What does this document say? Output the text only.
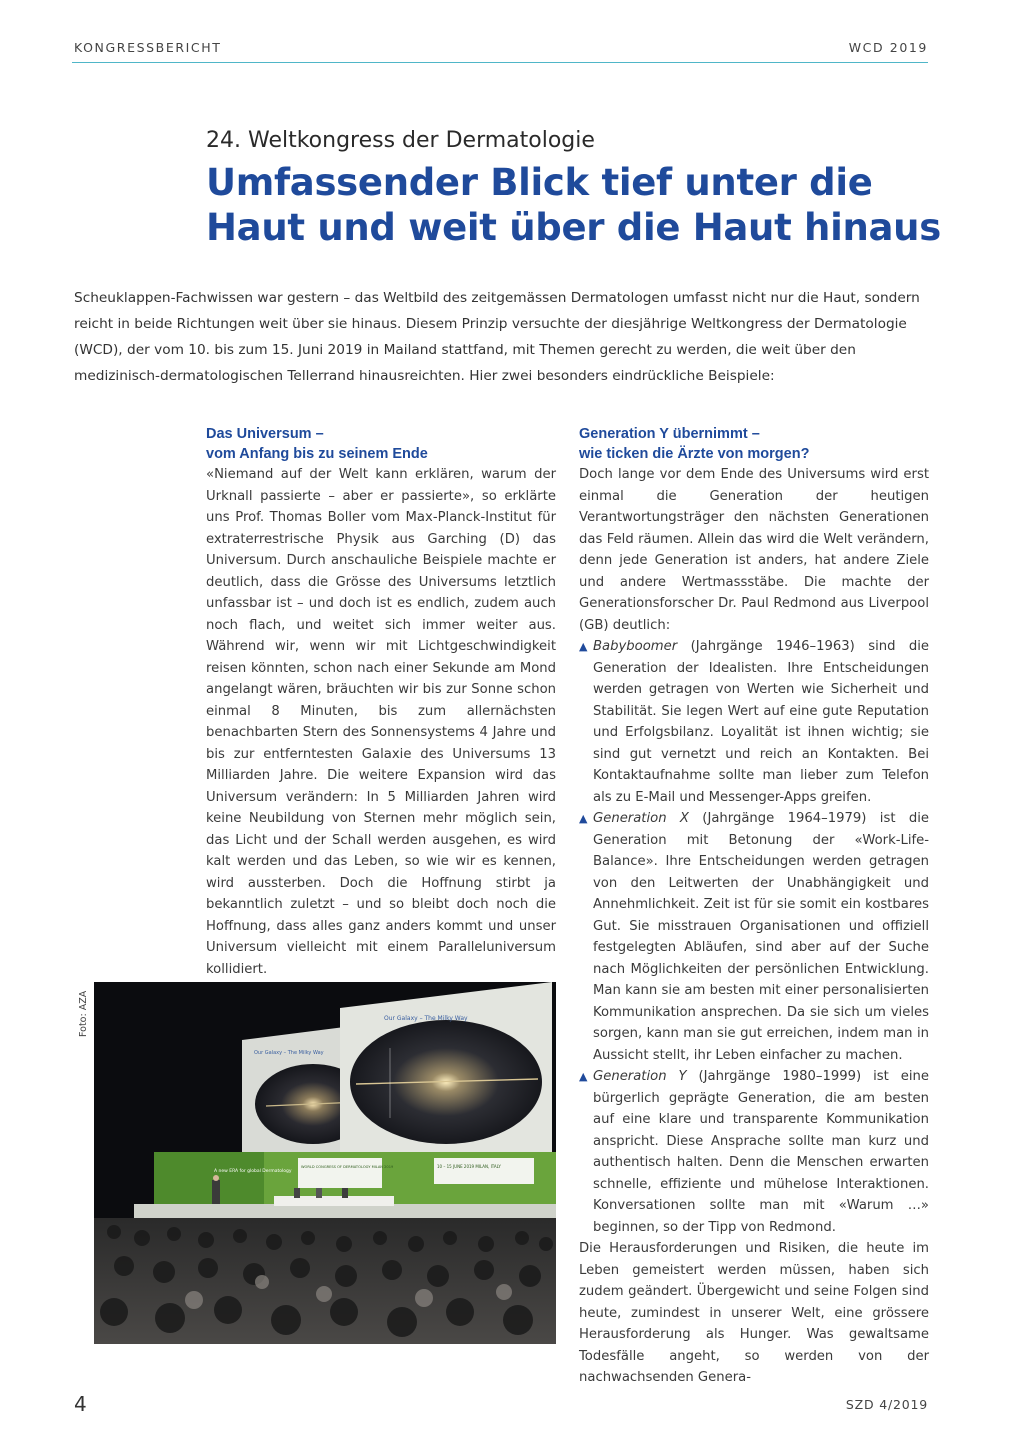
KONGRESSBERICHT	WCD 2019
24. Weltkongress der Dermatologie
Umfassender Blick tief unter die
Haut und weit über die Haut hinaus

Scheuklappen-Fachwissen war gestern – das Weltbild des zeitgemässen Dermatologen umfasst nicht nur die Haut, sondern reicht in beide Richtungen weit über sie hinaus. Diesem Prinzip versuchte der diesjährige Weltkongress der Dermatologie (WCD), der vom 10. bis zum 15. Juni 2019 in Mailand stattfand, mit Themen gerecht zu werden, die weit über den medizinisch-dermatologischen Tellerrand hinausreichten. Hier zwei besonders eindrückliche Beispiele:

Das Universum –
vom Anfang bis zu seinem Ende

«Niemand auf der Welt kann erklären, warum der Urknall passierte – aber er passierte», so erklärte uns Prof. Thomas Boller vom Max-Planck-Institut für extraterrestrische Physik aus Garching (D) das Universum. Durch anschauliche Beispiele machte er deutlich, dass die Grösse des Universums letztlich unfassbar ist – und doch ist es endlich, zudem auch noch flach, und weitet sich immer weiter aus. Während wir, wenn wir mit Lichtgeschwindigkeit reisen könnten, schon nach einer Sekunde am Mond angelangt wären, bräuchten wir bis zur Sonne schon einmal 8 Minuten, bis zum allernächsten benachbarten Stern des Sonnensystems 4 Jahre und bis zur entferntesten Galaxie des Universums 13 Milliarden Jahre. Die weitere Expansion wird das Universum verändern: In 5 Milliarden Jahren wird keine Neubildung von Sternen mehr möglich sein, das Licht und der Schall werden ausgehen, es wird kalt werden und das Leben, so wie wir es kennen, wird aussterben. Doch die Hoffnung stirbt ja bekanntlich zuletzt – und so bleibt doch noch die Hoffnung, dass alles ganz anders kommt und unser Universum vielleicht mit einem Paralleluniversum kollidiert.

Generation Y übernimmt –
wie ticken die Ärzte von morgen?

Doch lange vor dem Ende des Universums wird erst einmal die Generation der heutigen Verantwortungsträger den nächsten Generationen das Feld räumen. Allein das wird die Welt verändern, denn jede Generation ist anders, hat andere Ziele und andere Wertmassstäbe. Die machte der Generationsforscher Dr. Paul Redmond aus Liverpool (GB) deutlich:

▲ Babyboomer (Jahrgänge 1946–1963) sind die Generation der Idealisten. Ihre Entscheidungen werden getragen von Werten wie Sicherheit und Stabilität. Sie legen Wert auf eine gute Reputation und Erfolgsbilanz. Loyalität ist ihnen wichtig; sie sind gut vernetzt und reich an Kontakten. Bei Kontaktaufnahme sollte man lieber zum Telefon als zu E-Mail und Messenger-Apps greifen.

▲ Generation X (Jahrgänge 1964–1979) ist die Generation mit Betonung der «Work-Life-Balance». Ihre Entscheidungen werden getragen von den Leitwerten der Unabhängigkeit und Annehmlichkeit. Zeit ist für sie somit ein kostbares Gut. Sie misstrauen Organisationen und offiziell festgelegten Abläufen, sind aber auf der Suche nach Möglichkeiten der persönlichen Entwicklung. Man kann sie am besten mit einer personalisierten Kommunikation ansprechen. Da sie sich um vieles sorgen, kann man sie gut erreichen, indem man in Aussicht stellt, ihr Leben einfacher zu machen.

▲ Generation Y (Jahrgänge 1980–1999) ist eine bürgerlich geprägte Generation, die am besten auf eine klare und transparente Kommunikation anspricht. Diese Ansprache sollte man kurz und authentisch halten. Denn die Menschen erwarten schnelle, effiziente und mühelose Interaktionen. Konversationen sollte man mit «Warum …» beginnen, so der Tipp von Redmond.

Die Herausforderungen und Risiken, die heute im Leben gemeistert werden müssen, haben sich zudem geändert. Übergewicht und seine Folgen sind heute, zumindest in unserer Welt, eine grössere Herausforderung als Hunger. Was gewaltsame Todesfälle angeht, so werden von der nachwachsenden Genera-

Foto: AZA
Our Galaxy – The Milky Way
Our Galaxy – The Milky Way
A new ERA for global Dermatology
WORLD CONGRESS OF DERMATOLOGY MILAN 2019	10 – 15 JUNE 2019 MILAN, ITALY
4	SZD 4/2019
